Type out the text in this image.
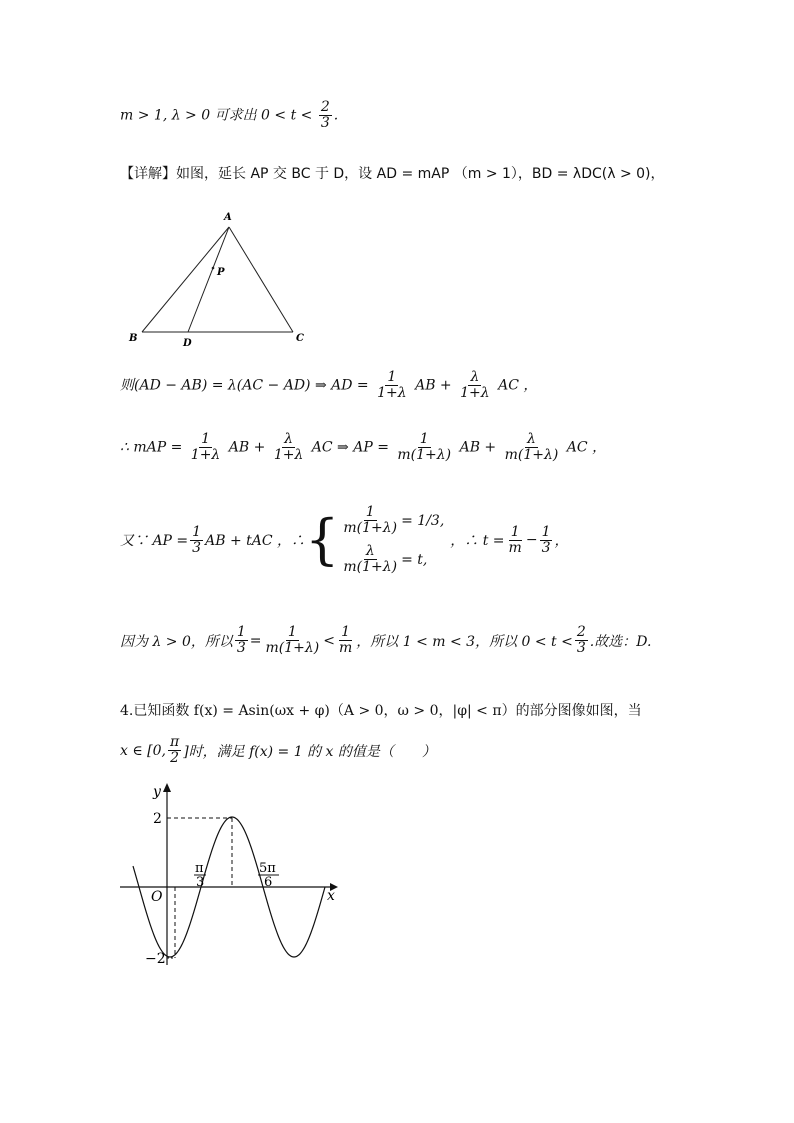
m > 1, λ > 0 可求出 $0 < t < \frac{2}{3}$ .
【详解】如图，延长 AP 交 BC 于 D，设 AD = mAP （m > 1），BD = λDC(λ > 0)，
A
P
B	D	C
则(AD − AB) = λ(AC − AD) ⇒ AD = $\frac{1}{1+\lambda}$ AB + $\frac{\lambda}{1+\lambda}$ AC ，
∴ mAP = $\frac{1}{1+\lambda}$ AB + $\frac{\lambda}{1+\lambda}$ AC ⇒ AP = $\frac{1}{m(1+\lambda)}$ AB + $\frac{\lambda}{m(1+\lambda)}$ AC ，
又∵ AP = $\frac{1}{3}$ AB + tAC ，∴ { $\frac{1}{m(1+\lambda)} = 1/3$,
$\frac{\lambda}{m(1+\lambda)} = t$,
，∴ $t = \frac{1}{m} - \frac{1}{3}$ ，
因为 λ > 0，所以 $\frac{1}{3} = \frac{1}{m(1+\lambda)} < \frac{1}{m}$ ，所以 1 < m < 3，所以 $0 < t < \frac{2}{3}$ .故选：D.
4.已知函数 f(x) = Asin(ωx + φ)（A > 0，ω > 0，|φ| < π）的部分图像如图，当
x ∈ [0, $\frac{\pi}{2}$ ]时，满足 f(x) = 1 的 x 的值是（　　）
y
x
O
2
−2
π
3
5π
6
